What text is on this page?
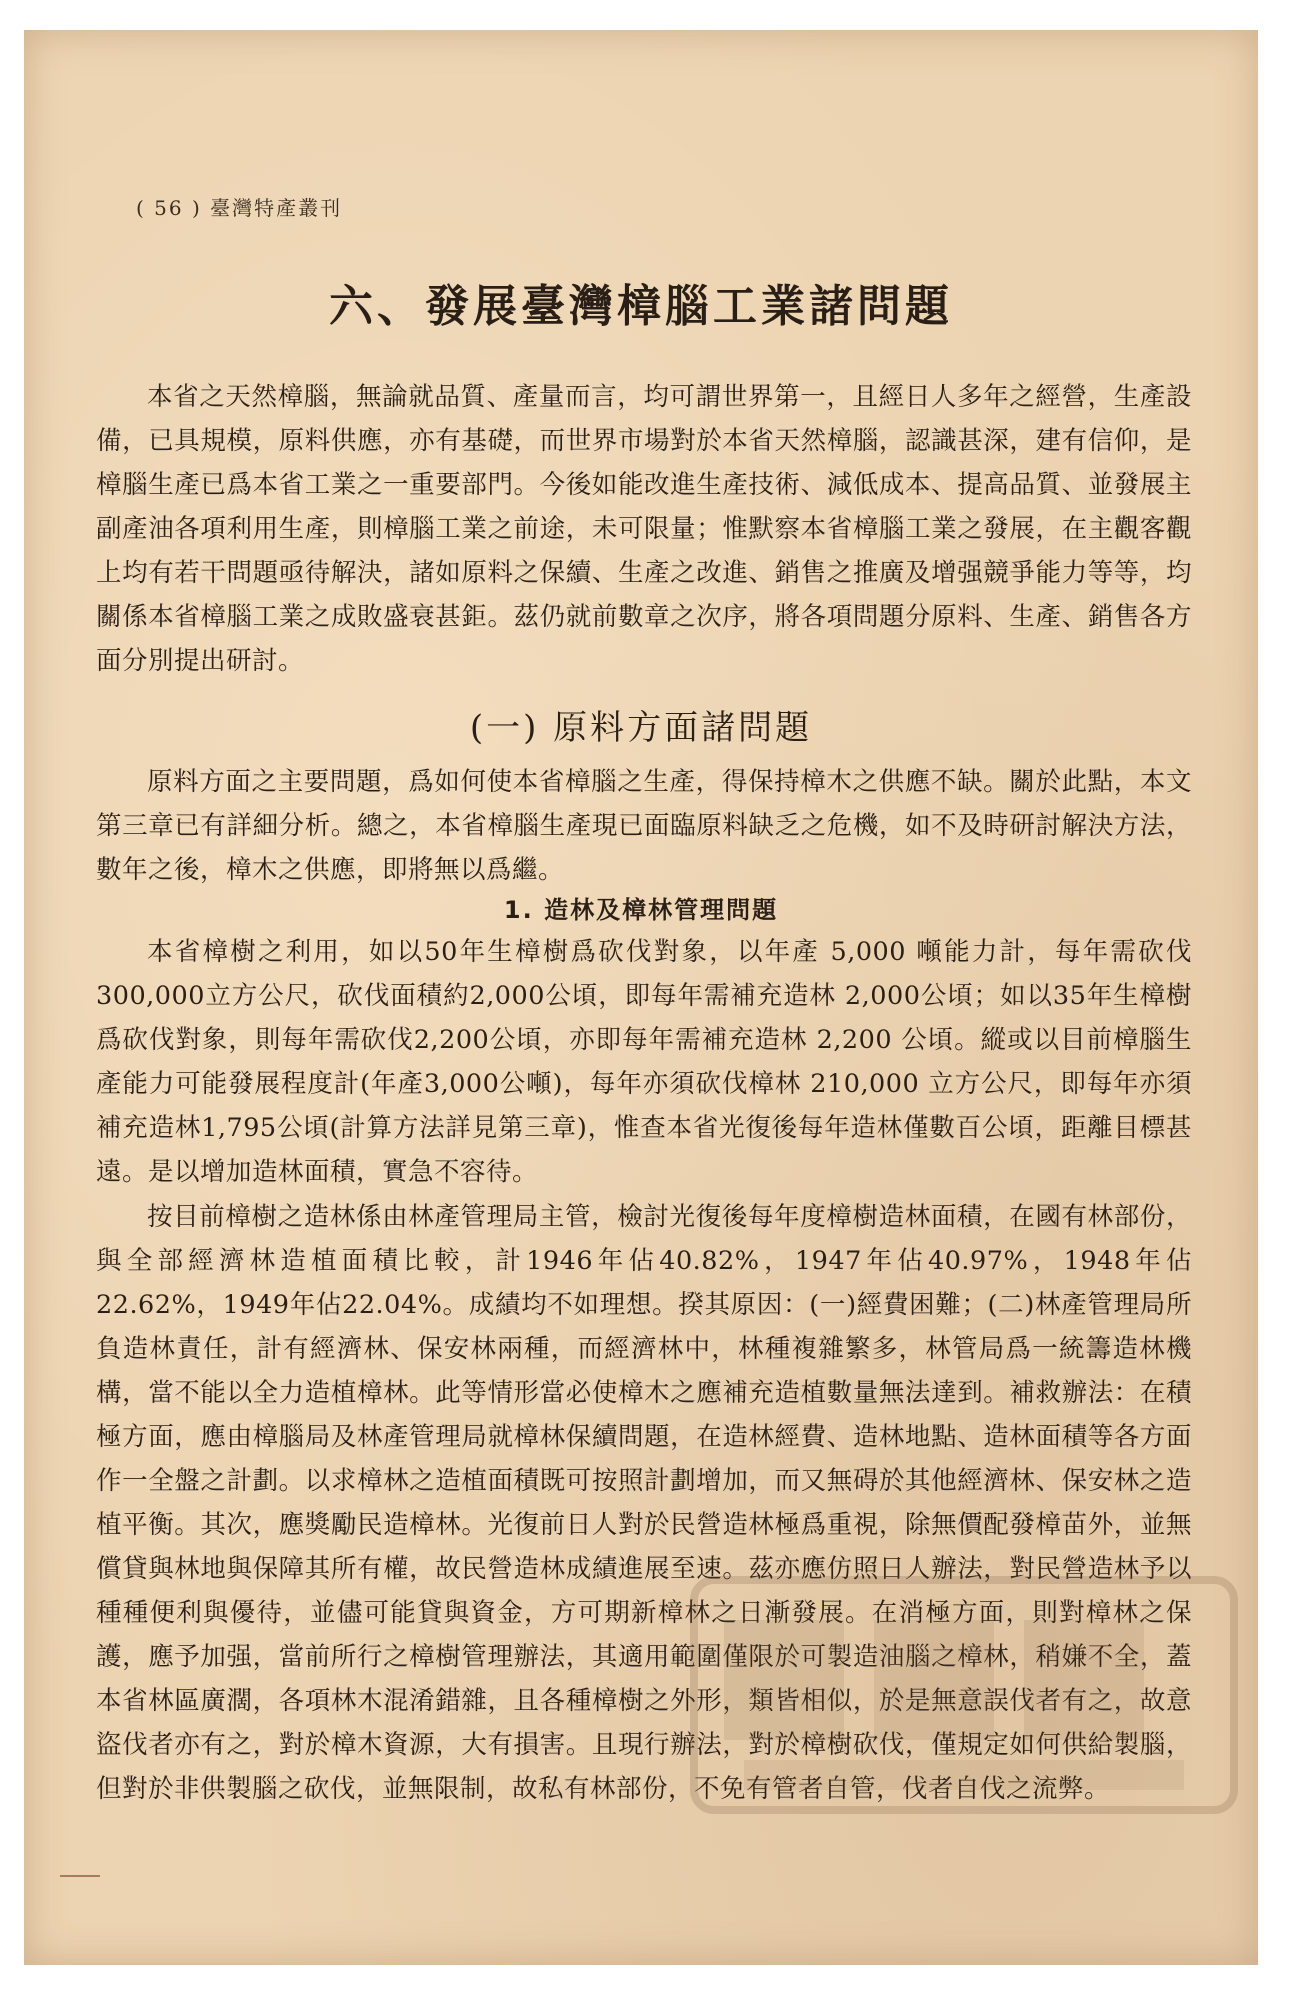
( 56 ) 臺灣特產叢刊
六、發展臺灣樟腦工業諸問題
本省之天然樟腦，無論就品質、產量而言，均可謂世界第一，且經日人多年之經營，生產設備，已具規模，原料供應，亦有基礎，而世界市場對於本省天然樟腦，認識甚深，建有信仰，是樟腦生產已爲本省工業之一重要部門。今後如能改進生產技術、減低成本、提高品質、並發展主副產油各項利用生產，則樟腦工業之前途，未可限量；惟默察本省樟腦工業之發展，在主觀客觀上均有若干問題亟待解決，諸如原料之保續、生產之改進、銷售之推廣及增强競爭能力等等，均關係本省樟腦工業之成敗盛衰甚鉅。茲仍就前數章之次序，將各項問題分原料、生產、銷售各方面分別提出研討。
(一) 原料方面諸問題
原料方面之主要問題，爲如何使本省樟腦之生產，得保持樟木之供應不缺。關於此點，本文第三章已有詳細分析。總之，本省樟腦生產現已面臨原料缺乏之危機，如不及時研討解決方法，數年之後，樟木之供應，即將無以爲繼。
1. 造林及樟林管理問題
本省樟樹之利用，如以50年生樟樹爲砍伐對象，以年產 5,000 噸能力計，每年需砍伐300,000立方公尺，砍伐面積約2,000公頃，即每年需補充造林 2,000公頃；如以35年生樟樹爲砍伐對象，則每年需砍伐2,200公頃，亦即每年需補充造林 2,200 公頃。縱或以目前樟腦生產能力可能發展程度計(年產3,000公噸)，每年亦須砍伐樟林 210,000 立方公尺，即每年亦須補充造林1,795公頃(計算方法詳見第三章)，惟查本省光復後每年造林僅數百公頃，距離目標甚遠。是以增加造林面積，實急不容待。
按目前樟樹之造林係由林產管理局主管，檢討光復後每年度樟樹造林面積，在國有林部份，與全部經濟林造植面積比較，計1946年佔40.82%，1947年佔40.97%，1948年佔22.62%，1949年佔22.04%。成績均不如理想。揆其原因：(一)經費困難；(二)林產管理局所負造林責任，計有經濟林、保安林兩種，而經濟林中，林種複雜繁多，林管局爲一統籌造林機構，當不能以全力造植樟林。此等情形當必使樟木之應補充造植數量無法達到。補救辦法：在積極方面，應由樟腦局及林產管理局就樟林保續問題，在造林經費、造林地點、造林面積等各方面作一全盤之計劃。以求樟林之造植面積既可按照計劃增加，而又無碍於其他經濟林、保安林之造植平衡。其次，應獎勵民造樟林。光復前日人對於民營造林極爲重視，除無價配發樟苗外，並無償貸與林地與保障其所有權，故民營造林成績進展至速。茲亦應仿照日人辦法，對民營造林予以種種便利與優待，並儘可能貸與資金，方可期新樟林之日漸發展。在消極方面，則對樟林之保護，應予加强，當前所行之樟樹管理辦法，其適用範圍僅限於可製造油腦之樟林，稍嫌不全，蓋本省林區廣濶，各項林木混淆錯雜，且各種樟樹之外形，類皆相似，於是無意誤伐者有之，故意盜伐者亦有之，對於樟木資源，大有損害。且現行辦法，對於樟樹砍伐，僅規定如何供給製腦，但對於非供製腦之砍伐，並無限制，故私有林部份，不免有管者自管，伐者自伐之流弊。
